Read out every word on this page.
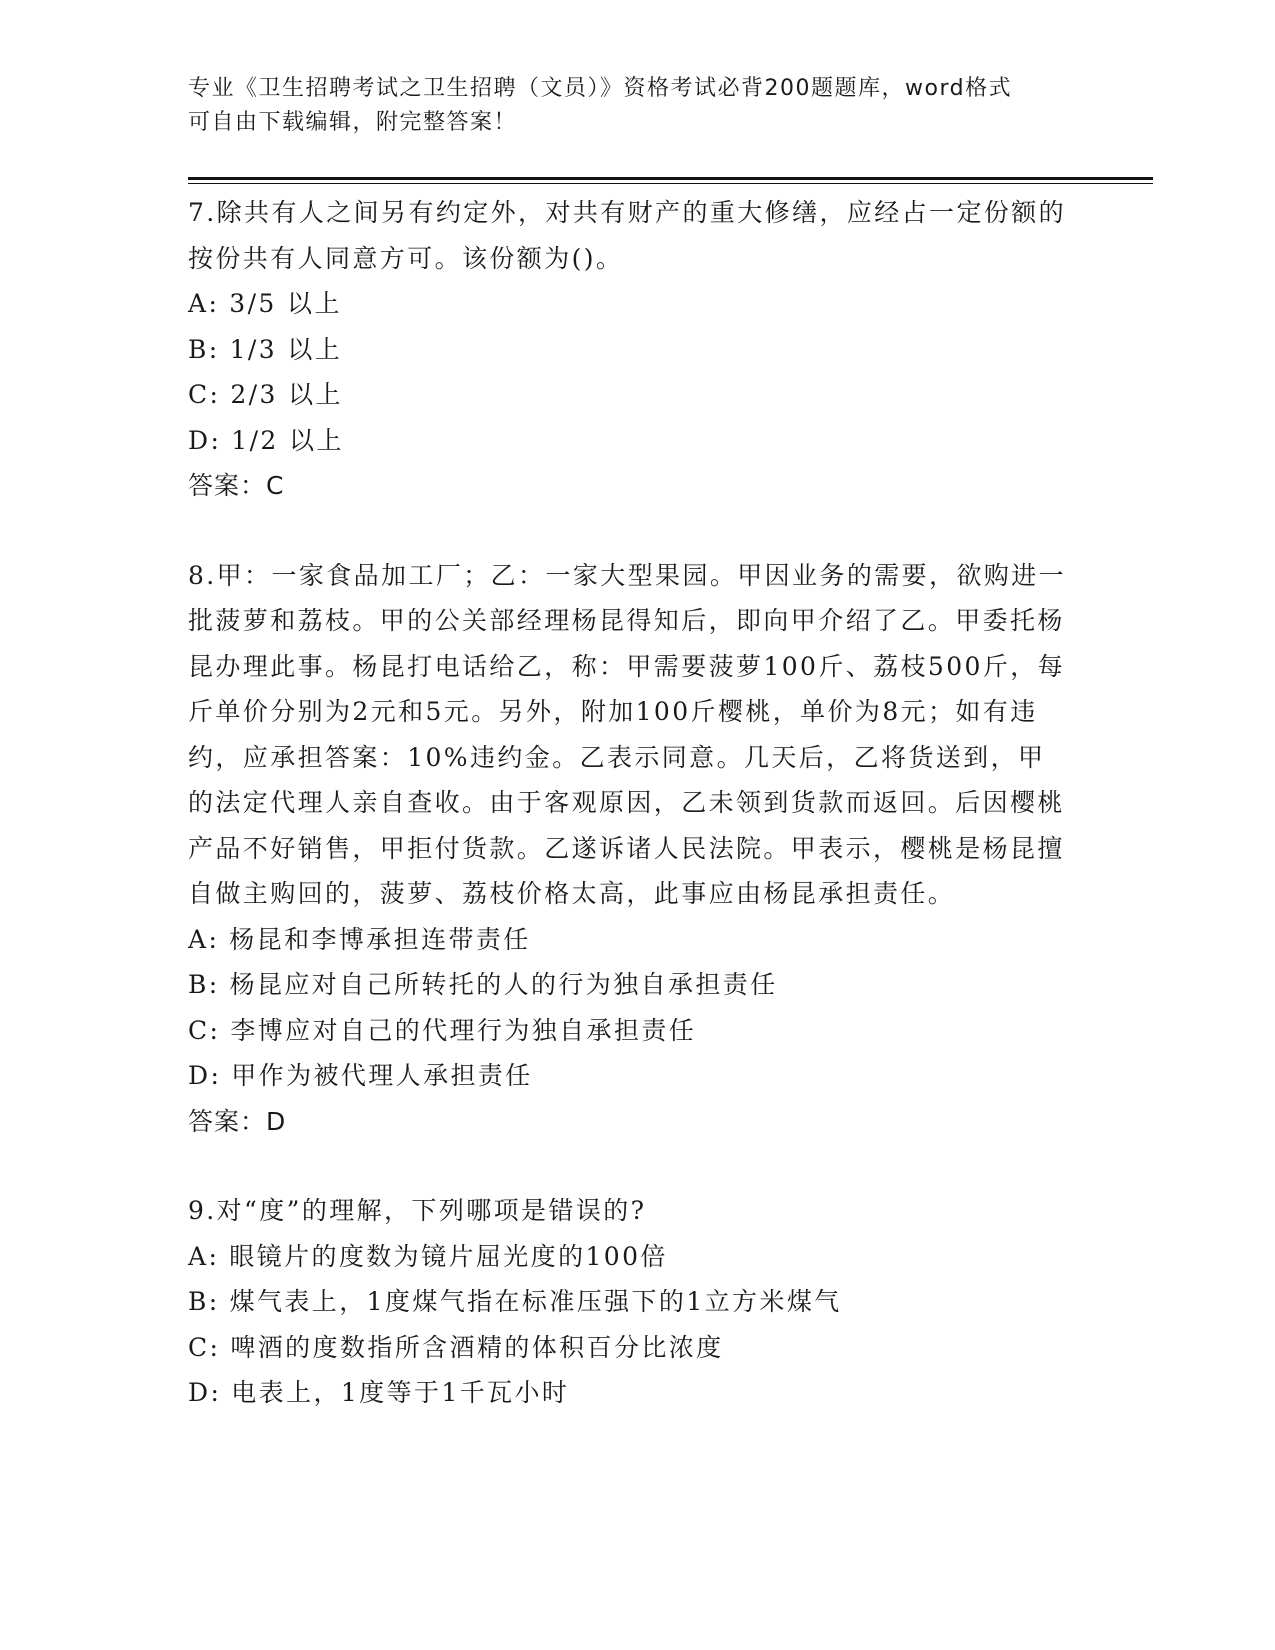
专业《卫生招聘考试之卫生招聘（文员）》资格考试必背200题题库，word格式
可自由下载编辑，附完整答案！

7.除共有人之间另有约定外，对共有财产的重大修缮，应经占一定份额的按份共有人同意方可。该份额为()。

A: 3/5 以上

B: 1/3 以上

C: 2/3 以上

D: 1/2 以上

答案：C

8.甲：一家食品加工厂；乙：一家大型果园。甲因业务的需要，欲购进一批菠萝和荔枝。甲的公关部经理杨昆得知后，即向甲介绍了乙。甲委托杨昆办理此事。杨昆打电话给乙，称：甲需要菠萝100斤、荔枝500斤，每斤单价分别为2元和5元。另外，附加100斤樱桃，单价为8元；如有违约，应承担答案：10%违约金。乙表示同意。几天后，乙将货送到，甲的法定代理人亲自查收。由于客观原因，乙未领到货款而返回。后因樱桃产品不好销售，甲拒付货款。乙遂诉诸人民法院。甲表示，樱桃是杨昆擅自做主购回的，菠萝、荔枝价格太高，此事应由杨昆承担责任。

A: 杨昆和李博承担连带责任

B: 杨昆应对自己所转托的人的行为独自承担责任

C: 李博应对自己的代理行为独自承担责任

D: 甲作为被代理人承担责任

答案：D

9.对“度”的理解，下列哪项是错误的?

A: 眼镜片的度数为镜片屈光度的100倍

B: 煤气表上，1度煤气指在标准压强下的1立方米煤气

C: 啤酒的度数指所含酒精的体积百分比浓度

D: 电表上，1度等于1千瓦小时
